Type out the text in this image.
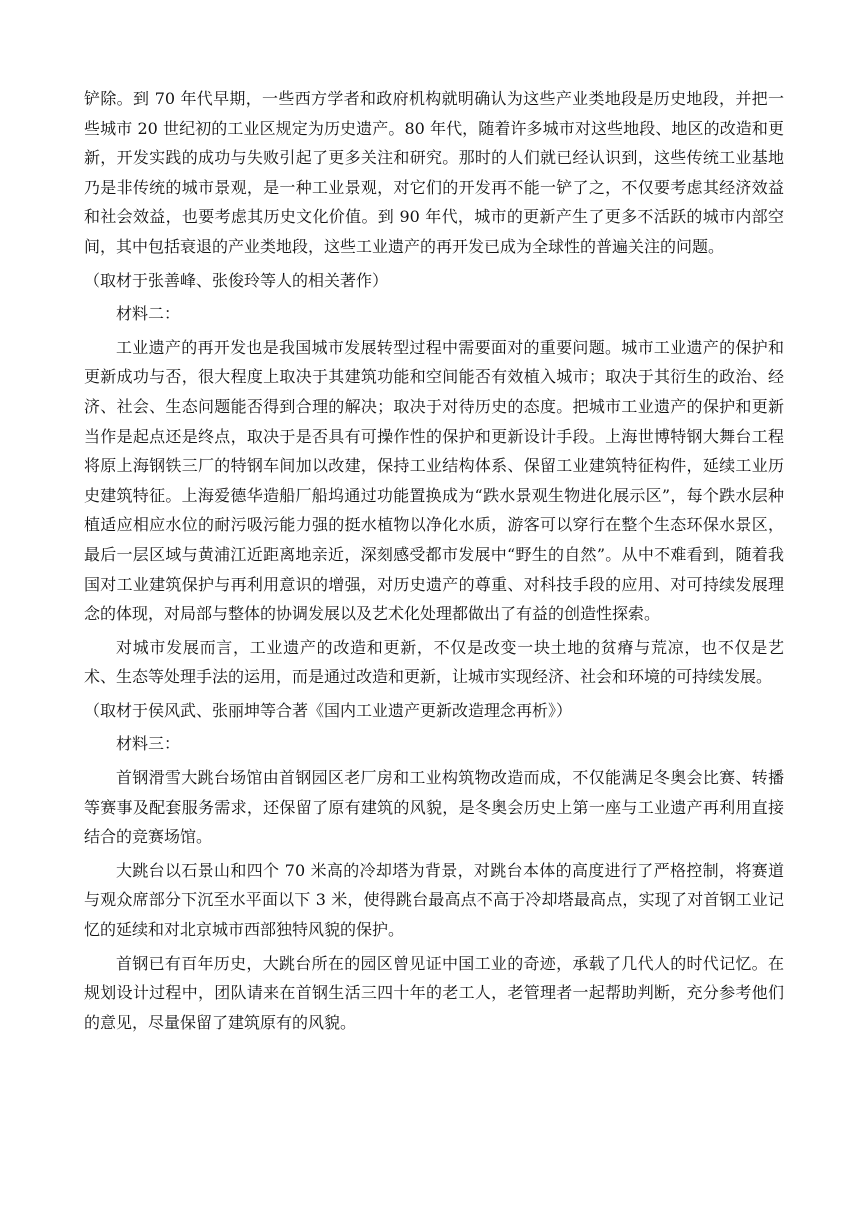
铲除。到 70 年代早期，一些西方学者和政府机构就明确认为这些产业类地段是历史地段，并把一些城市 20 世纪初的工业区规定为历史遗产。80 年代，随着许多城市对这些地段、地区的改造和更新，开发实践的成功与失败引起了更多关注和研究。那时的人们就已经认识到，这些传统工业基地乃是非传统的城市景观，是一种工业景观，对它们的开发再不能一铲了之，不仅要考虑其经济效益和社会效益，也要考虑其历史文化价值。到 90 年代，城市的更新产生了更多不活跃的城市内部空间，其中包括衰退的产业类地段，这些工业遗产的再开发已成为全球性的普遍关注的问题。

（取材于张善峰、张俊玲等人的相关著作）

材料二：

工业遗产的再开发也是我国城市发展转型过程中需要面对的重要问题。城市工业遗产的保护和更新成功与否，很大程度上取决于其建筑功能和空间能否有效植入城市；取决于其衍生的政治、经济、社会、生态问题能否得到合理的解决；取决于对待历史的态度。把城市工业遗产的保护和更新当作是起点还是终点，取决于是否具有可操作性的保护和更新设计手段。上海世博特钢大舞台工程将原上海钢铁三厂的特钢车间加以改建，保持工业结构体系、保留工业建筑特征构件，延续工业历史建筑特征。上海爱德华造船厂船坞通过功能置换成为“跌水景观生物进化展示区”，每个跌水层种植适应相应水位的耐污吸污能力强的挺水植物以净化水质，游客可以穿行在整个生态环保水景区，最后一层区域与黄浦江近距离地亲近，深刻感受都市发展中“野生的自然”。从中不难看到，随着我国对工业建筑保护与再利用意识的增强，对历史遗产的尊重、对科技手段的应用、对可持续发展理念的体现，对局部与整体的协调发展以及艺术化处理都做出了有益的创造性探索。

对城市发展而言，工业遗产的改造和更新，不仅是改变一块土地的贫瘠与荒凉，也不仅是艺术、生态等处理手法的运用，而是通过改造和更新，让城市实现经济、社会和环境的可持续发展。

（取材于侯风武、张丽坤等合著《国内工业遗产更新改造理念再析》）

材料三：

首钢滑雪大跳台场馆由首钢园区老厂房和工业构筑物改造而成，不仅能满足冬奥会比赛、转播等赛事及配套服务需求，还保留了原有建筑的风貌，是冬奥会历史上第一座与工业遗产再利用直接结合的竞赛场馆。

大跳台以石景山和四个 70 米高的冷却塔为背景，对跳台本体的高度进行了严格控制，将赛道与观众席部分下沉至水平面以下 3 米，使得跳台最高点不高于冷却塔最高点，实现了对首钢工业记忆的延续和对北京城市西部独特风貌的保护。

首钢已有百年历史，大跳台所在的园区曾见证中国工业的奇迹，承载了几代人的时代记忆。在规划设计过程中，团队请来在首钢生活三四十年的老工人，老管理者一起帮助判断，充分参考他们的意见，尽量保留了建筑原有的风貌。
